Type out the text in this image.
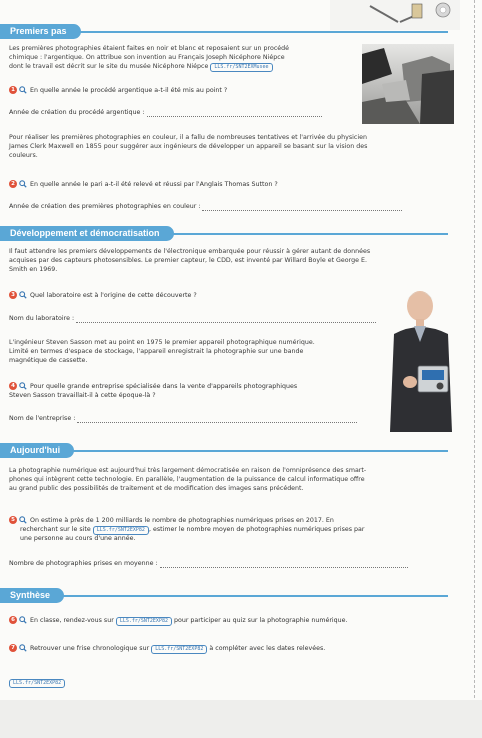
Premiers pas
Les premières photographies étaient faites en noir et blanc et reposaient sur un procédé
chimique : l'argentique. On attribue son invention au Français Joseph Nicéphore Niépce
dont le travail est décrit sur le site du musée Nicéphore Niépce LLS.fr/SNT2EXMusee
1 En quelle année le procédé argentique a-t-il été mis au point ?
Année de création du procédé argentique :
Pour réaliser les premières photographies en couleur, il a fallu de nombreuses tentatives et l'arrivée du physicien
James Clerk Maxwell en 1855 pour suggérer aux ingénieurs de développer un appareil se basant sur la vision des
couleurs.
2 En quelle année le pari a-t-il été relevé et réussi par l'Anglais Thomas Sutton ?
Année de création des premières photographies en couleur :
Développement et démocratisation
Il faut attendre les premiers développements de l'électronique embarquée pour réussir à gérer autant de données
acquises par des capteurs photosensibles. Le premier capteur, le CDD, est inventé par Willard Boyle et George E.
Smith en 1969.
3 Quel laboratoire est à l'origine de cette découverte ?
Nom du laboratoire :
L'ingénieur Steven Sasson met au point en 1975 le premier appareil photographique numérique.
Limité en termes d'espace de stockage, l'appareil enregistrait la photographie sur une bande
magnétique de cassette.
4 Pour quelle grande entreprise spécialisée dans la vente d'appareils photographiques
Steven Sasson travaillait-il à cette époque-là ?
Nom de l'entreprise :
Aujourd'hui
La photographie numérique est aujourd'hui très largement démocratisée en raison de l'omniprésence des smart-
phones qui intègrent cette technologie. En parallèle, l'augmentation de la puissance de calcul informatique offre
au grand public des possibilités de traitement et de modification des images sans précédent.
5 On estime à près de 1 200 milliards le nombre de photographies numériques prises en 2017. En
recherchant sur le site LLS.fr/SNT2EXP82 , estimer le nombre moyen de photographies numériques prises par
une personne au cours d'une année.
Nombre de photographies prises en moyenne :
Synthèse
6 En classe, rendez-vous sur LLS.fr/SNT2EXP82 pour participer au quiz sur la photographie numérique.
7 Retrouver une frise chronologique sur LLS.fr/SNT2EXP82 à compléter avec les dates relevées.
LLS.fr/SNT2EXP82
